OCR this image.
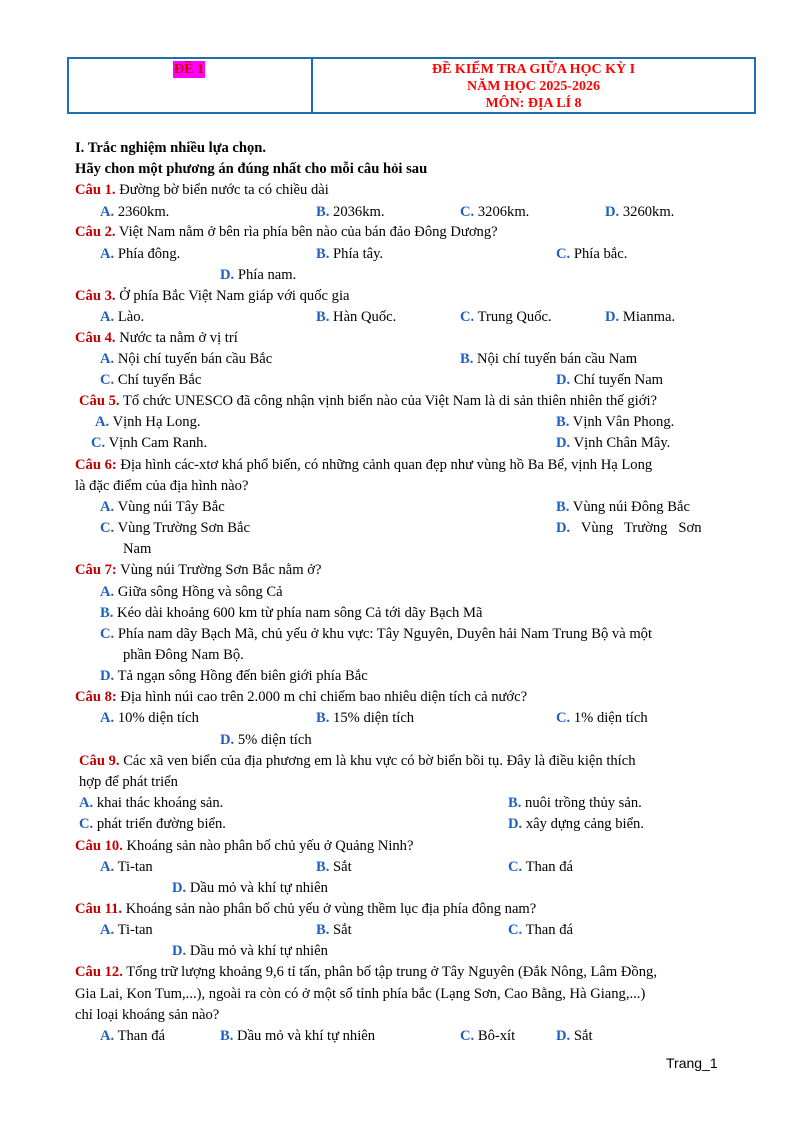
ĐỀ 1	ĐỀ KIỂM TRA GIỮA HỌC KỲ I
NĂM HỌC 2025-2026
MÔN: ĐỊA LÍ 8
I. Trắc nghiệm nhiều lựa chọn.
Hãy chon một phương án đúng nhất cho mỗi câu hỏi sau
Câu 1. Đường bờ biển nước ta có chiều dài
A. 2360km.	B. 2036km.	C. 3206km.	D. 3260km.
Câu 2. Việt Nam nằm ở bên rìa phía bên nào của bán đảo Đông Dương?
A. Phía đông.	B. Phía tây.	C. Phía bắc.
D. Phía nam.
Câu 3. Ở phía Bắc Việt Nam giáp với quốc gia
A. Lào.	B. Hàn Quốc.	C. Trung Quốc.	D. Mianma.
Câu 4. Nước ta nằm ở vị trí
A. Nội chí tuyến bán cầu Bắc	B. Nội chí tuyến bán cầu Nam
C. Chí tuyến Bắc	D. Chí tuyến Nam
Câu 5. Tổ chức UNESCO đã công nhận vịnh biển nào của Việt Nam là di sản thiên nhiên thế giới?
A. Vịnh Hạ Long.	B. Vịnh Vân Phong.
C. Vịnh Cam Ranh.	D. Vịnh Chân Mây.
Câu 6: Địa hình các-xtơ khá phổ biến, có những cảnh quan đẹp như vùng hồ Ba Bể, vịnh Hạ Long
là đặc điểm của địa hình nào?
A. Vùng núi Tây Bắc	B. Vùng núi Đông Bắc
C. Vùng Trường Sơn Bắc	D.   Vùng   Trường   Sơn
Nam
Câu 7: Vùng núi Trường Sơn Bắc nằm ở?
A. Giữa sông Hồng và sông Cả
B. Kéo dài khoảng 600 km từ phía nam sông Cả tới dãy Bạch Mã
C. Phía nam dãy Bạch Mã, chủ yếu ở khu vực: Tây Nguyên, Duyên hải Nam Trung Bộ và một
phần Đông Nam Bộ.
D. Tả ngạn sông Hồng đến biên giới phía Bắc
Câu 8: Địa hình núi cao trên 2.000 m chỉ chiếm bao nhiêu diện tích cả nước?
A. 10% diện tích	B. 15% diện tích	C. 1% diện tích
D. 5% diện tích
Câu 9. Các xã ven biển của địa phương em là khu vực có bờ biển bồi tụ. Đây là điều kiện thích
hợp để phát triển
A. khai thác khoáng sản.	B. nuôi trồng thủy sản.
C. phát triển đường biển.	D. xây dựng cảng biển.
Câu 10. Khoáng sản nào phân bố chủ yếu ở Quảng Ninh?
A. Ti-tan	B. Sắt	C. Than đá
D. Dầu mỏ và khí tự nhiên
Câu 11. Khoáng sản nào phân bố chủ yếu ở vùng thềm lục địa phía đông nam?
A. Ti-tan	B. Sắt	C. Than đá
D. Dầu mỏ và khí tự nhiên
Câu 12. Tổng trữ lượng khoảng 9,6 tỉ tấn, phân bố tập trung ở Tây Nguyên (Đắk Nông, Lâm Đồng,
Gia Lai, Kon Tum,...), ngoài ra còn có ở một số tỉnh phía bắc (Lạng Sơn, Cao Bằng, Hà Giang,...)
chỉ loại khoáng sản nào?
A. Than đá	B. Dầu mỏ và khí tự nhiên	C. Bô-xít	D. Sắt
Trang_1
